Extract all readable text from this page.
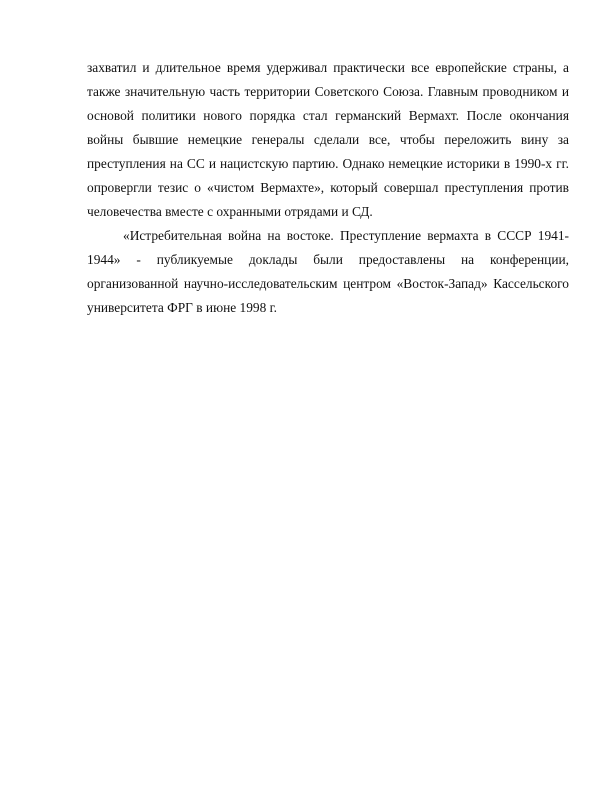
захватил и длительное время удерживал практически все европейские страны, а также значительную часть территории Советского Союза. Главным проводником и основой политики нового порядка стал германский Вермахт. После окончания войны бывшие немецкие генералы сделали все, чтобы переложить вину за преступления на СС и нацистскую партию. Однако немецкие историки в 1990-х гг. опровергли тезис о «чистом Вермахте», который совершал преступления против человечества вместе с охранными отрядами и СД.

«Истребительная война на востоке. Преступление вермахта в СССР 1941-1944» - публикуемые доклады были предоставлены на конференции, организованной научно-исследовательским центром «Восток-Запад» Кассельского университета ФРГ в июне 1998 г.
